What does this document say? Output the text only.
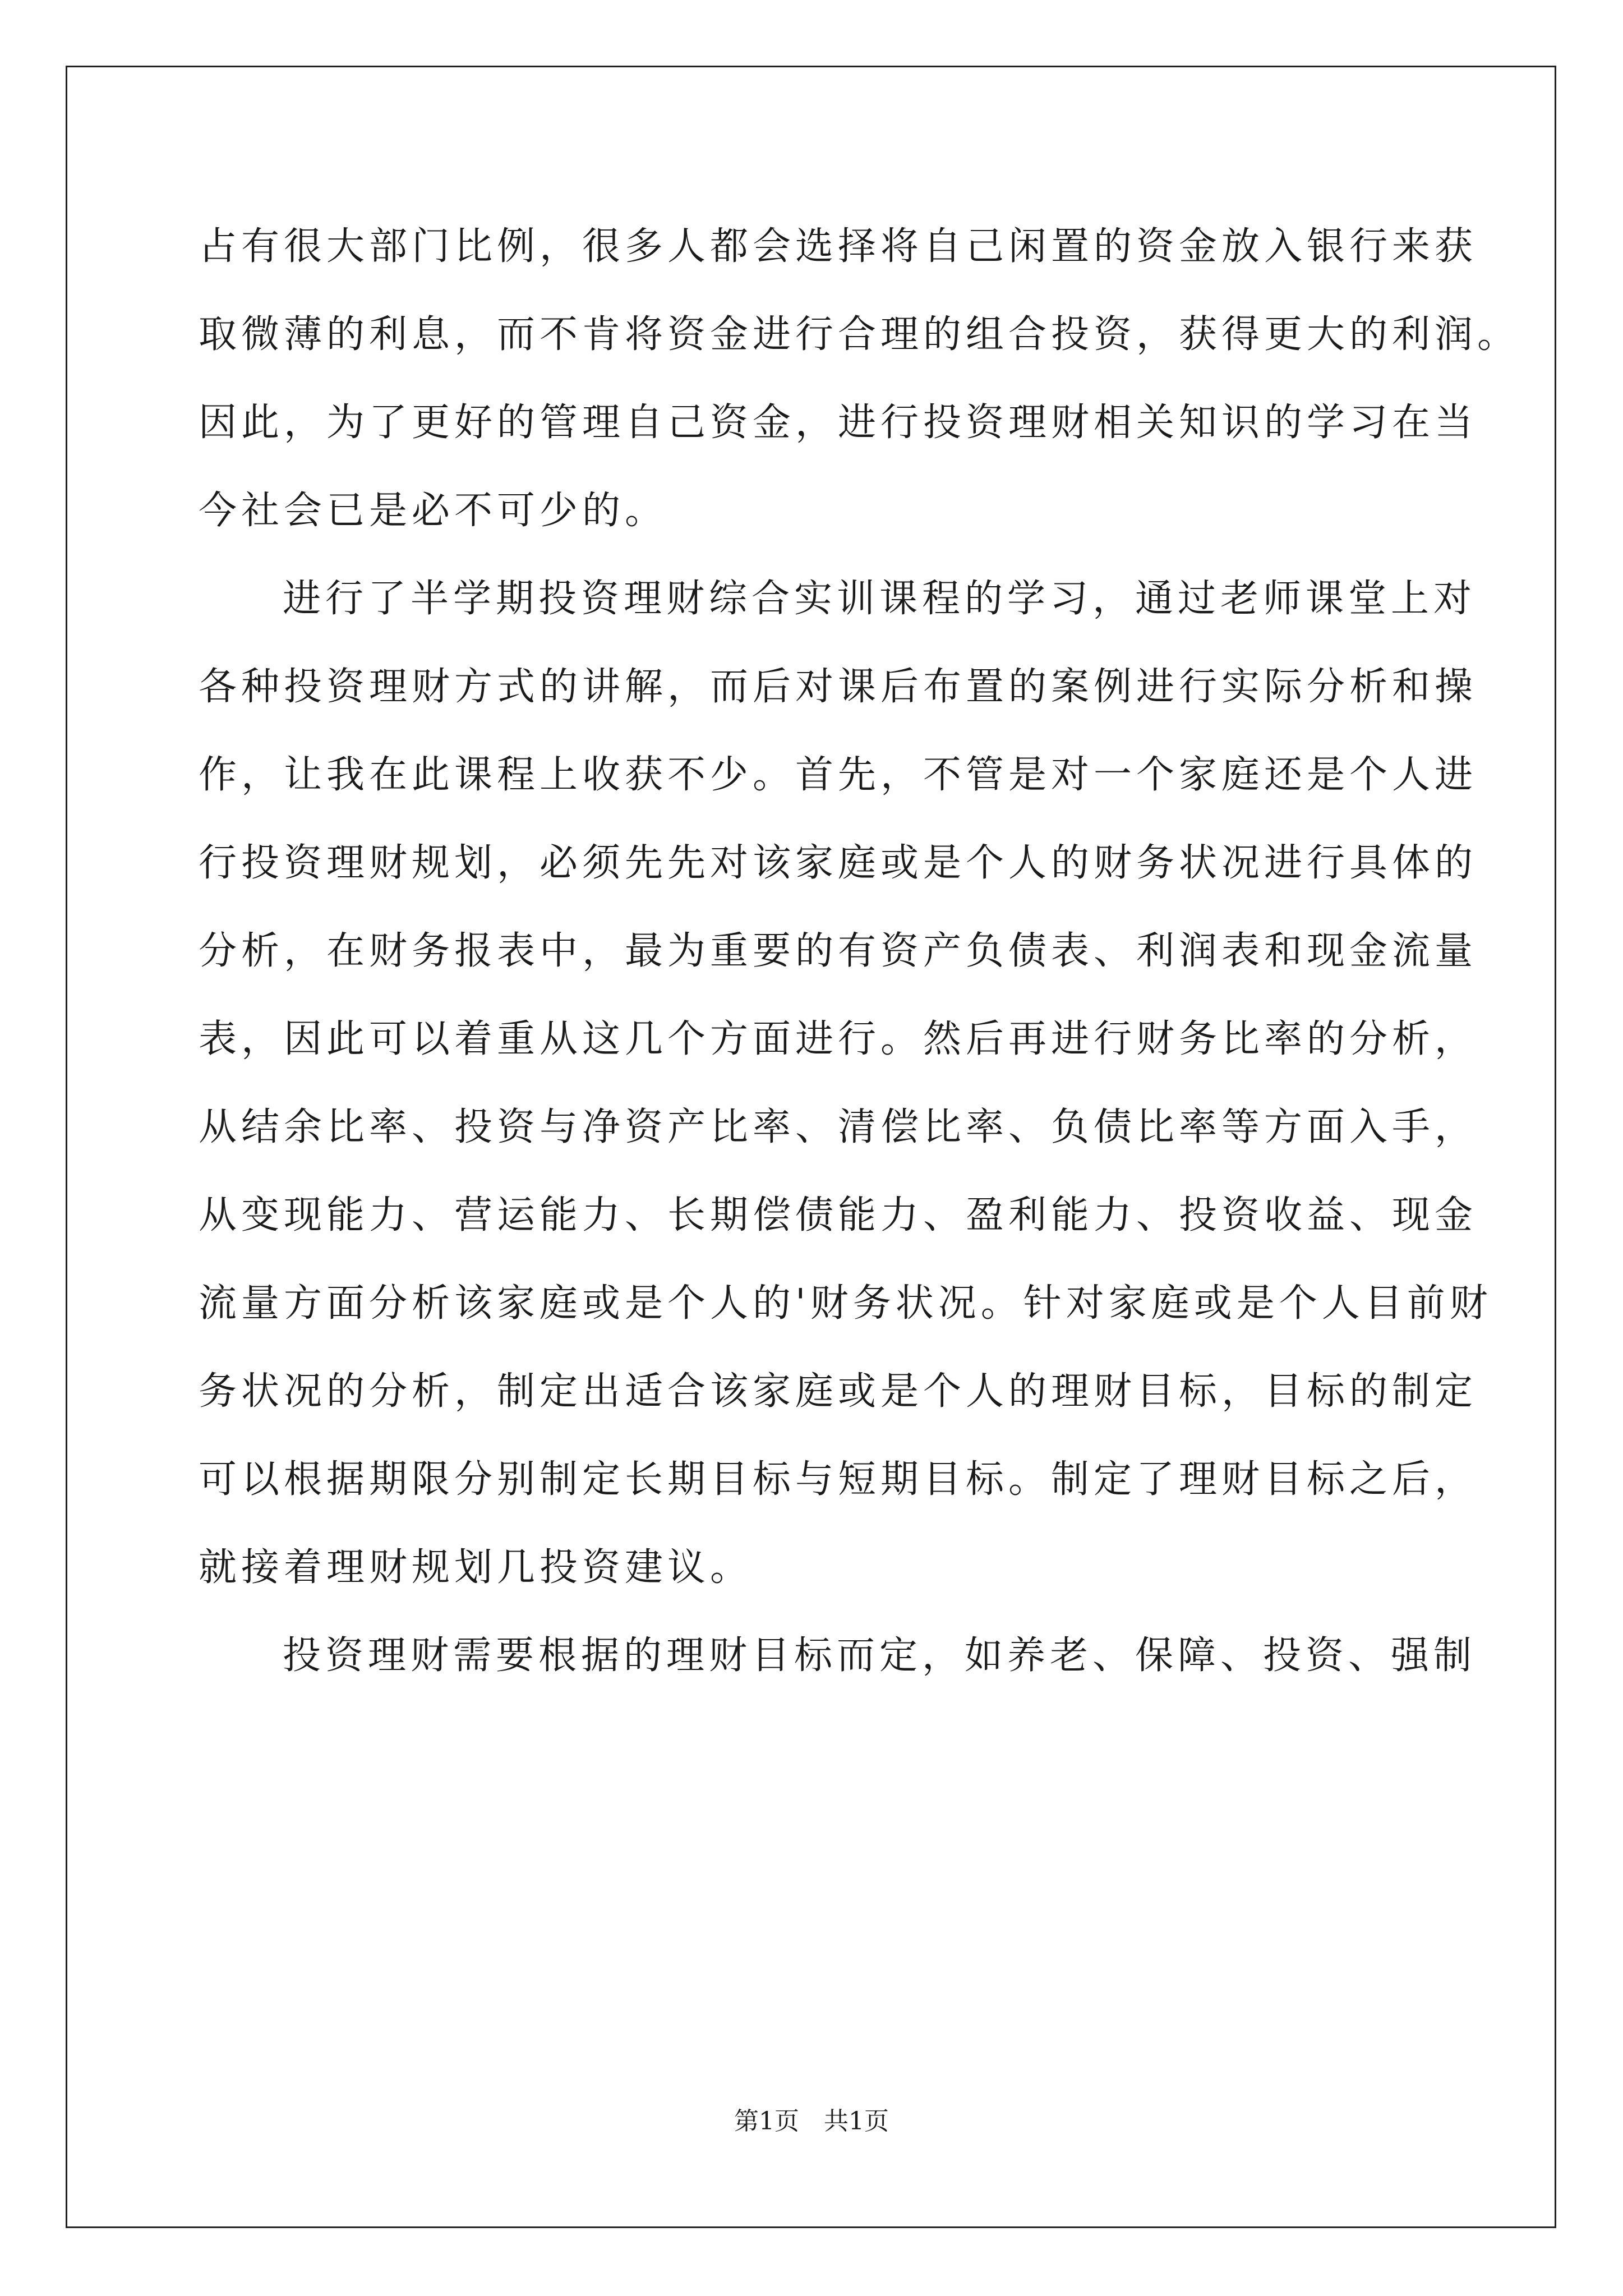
占有很大部门比例，很多人都会选择将自己闲置的资金放入银行来获
取微薄的利息，而不肯将资金进行合理的组合投资，获得更大的利润。
因此，为了更好的管理自己资金，进行投资理财相关知识的学习在当
今社会已是必不可少的。
进行了半学期投资理财综合实训课程的学习，通过老师课堂上对
各种投资理财方式的讲解，而后对课后布置的案例进行实际分析和操
作，让我在此课程上收获不少。首先，不管是对一个家庭还是个人进
行投资理财规划，必须先先对该家庭或是个人的财务状况进行具体的
分析，在财务报表中，最为重要的有资产负债表、利润表和现金流量
表，因此可以着重从这几个方面进行。然后再进行财务比率的分析，
从结余比率、投资与净资产比率、清偿比率、负债比率等方面入手，
从变现能力、营运能力、长期偿债能力、盈利能力、投资收益、现金
流量方面分析该家庭或是个人的'财务状况。针对家庭或是个人目前财
务状况的分析，制定出适合该家庭或是个人的理财目标，目标的制定
可以根据期限分别制定长期目标与短期目标。制定了理财目标之后，
就接着理财规划几投资建议。
投资理财需要根据的理财目标而定，如养老、保障、投资、强制
第1页 共1页
